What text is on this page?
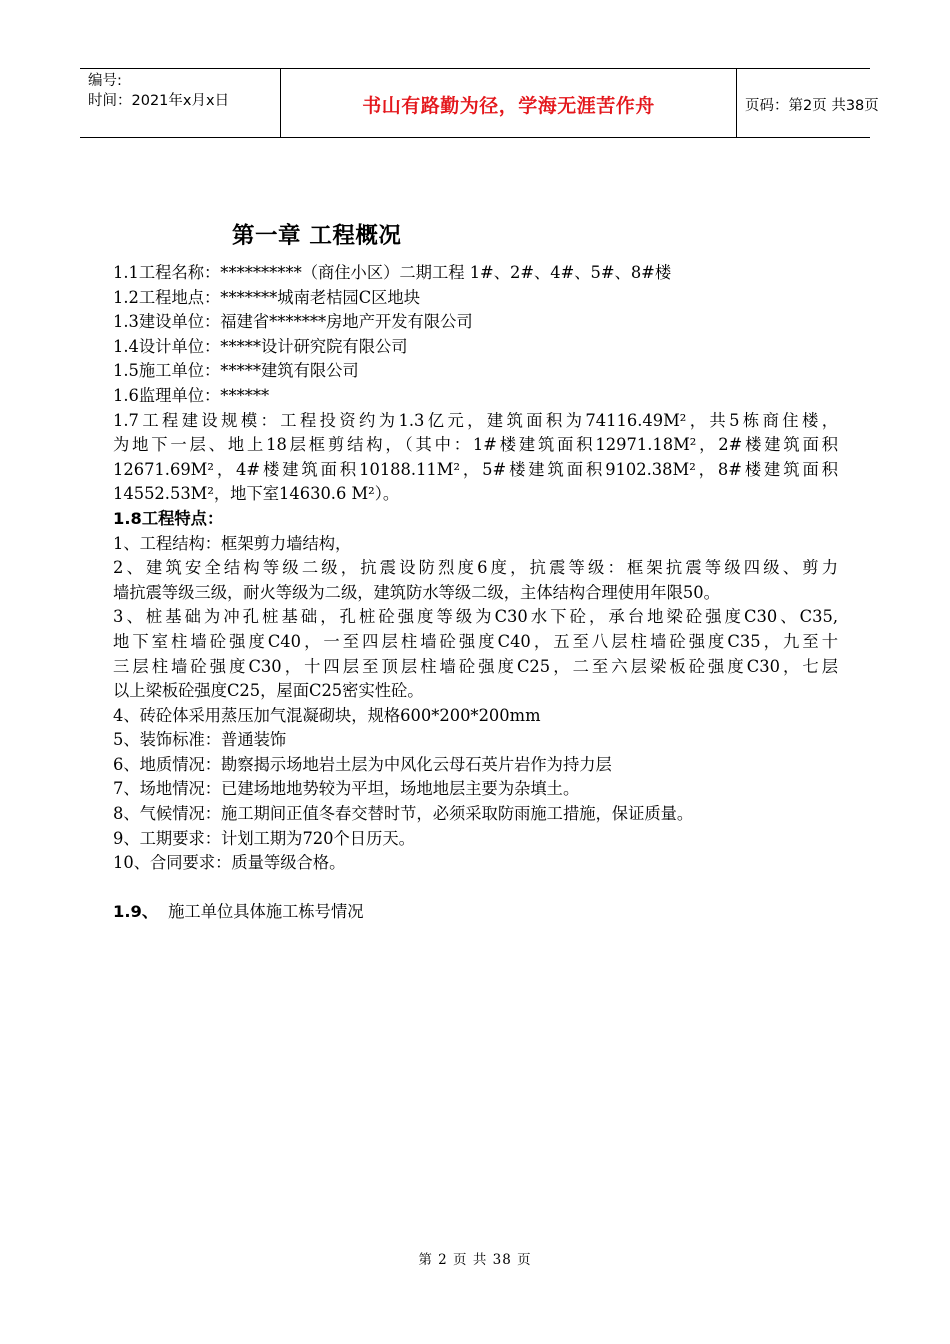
编号:
时间：2021年x月x日	书山有路勤为径，学海无涯苦作舟	页码：第2页 共38页
第一章 工程概况
1.1工程名称：**********（商住小区）二期工程 1#、2#、4#、5#、8#楼
1.2工程地点：*******城南老桔园C区地块
1.3建设单位：福建省*******房地产开发有限公司
1.4设计单位：*****设计研究院有限公司
1.5施工单位：*****建筑有限公司
1.6监理单位：******
1.7工程建设规模：工程投资约为1.3亿元，建筑面积为74116.49M²，共5栋商住楼，
为地下一层、地上18层框剪结构，（其中：1#楼建筑面积12971.18M²，2#楼建筑面积
12671.69M²，4#楼建筑面积10188.11M²，5#楼建筑面积9102.38M²，8#楼建筑面积
14552.53M²，地下室14630.6 M²）。
1.8工程特点：
1、工程结构：框架剪力墙结构，
2、建筑安全结构等级二级，抗震设防烈度6度，抗震等级：框架抗震等级四级、剪力
墙抗震等级三级，耐火等级为二级，建筑防水等级二级，主体结构合理使用年限50。
3、桩基础为冲孔桩基础，孔桩砼强度等级为C30水下砼，承台地梁砼强度C30、C35,
地下室柱墙砼强度C40，一至四层柱墙砼强度C40，五至八层柱墙砼强度C35，九至十
三层柱墙砼强度C30，十四层至顶层柱墙砼强度C25，二至六层梁板砼强度C30，七层
以上梁板砼强度C25，屋面C25密实性砼。
4、砖砼体采用蒸压加气混凝砌块，规格600*200*200mm
5、装饰标准：普通装饰
6、地质情况：勘察揭示场地岩土层为中风化云母石英片岩作为持力层
7、场地情况：已建场地地势较为平坦，场地地层主要为杂填土。
8、气候情况：施工期间正值冬春交替时节，必须采取防雨施工措施，保证质量。
9、工期要求：计划工期为720个日历天。
10、合同要求：质量等级合格。
1.9、 施工单位具体施工栋号情况
第 2 页 共 38 页
